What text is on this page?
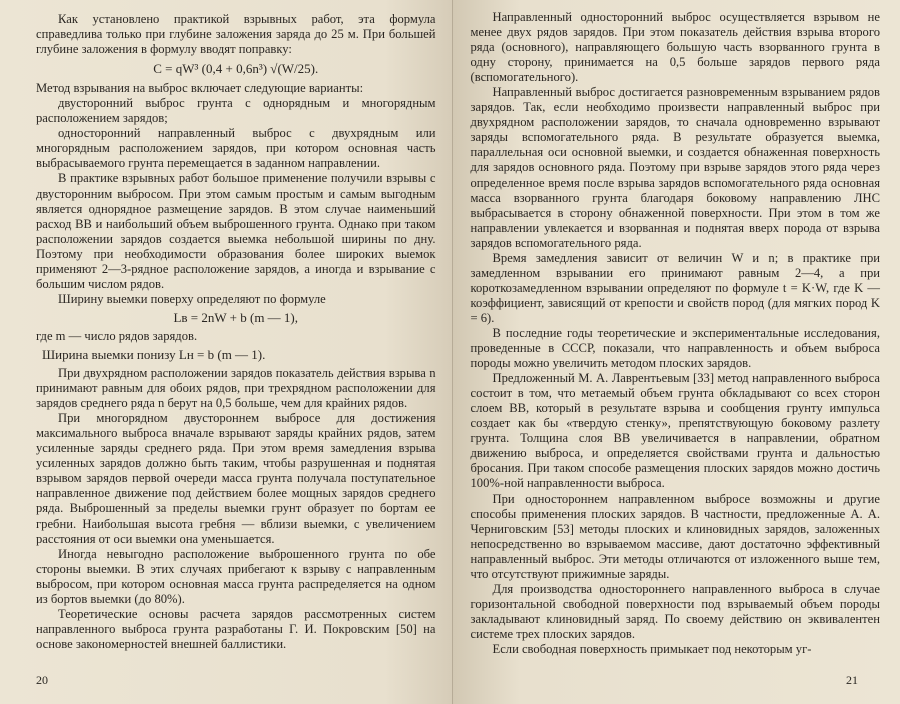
Как установлено практикой взрывных работ, эта формула справедлива только при глубине заложения заряда до 25 м. При большей глубине заложения в формулу вводят поправку:

C = qW³ (0,4 + 0,6n³) √(W/25).

Метод взрывания на выброс включает следующие варианты:

двусторонний выброс грунта с однорядным и многорядным расположением зарядов;

односторонний направленный выброс с двухрядным или многорядным расположением зарядов, при котором основная часть выбрасываемого грунта перемещается в заданном направлении.

В практике взрывных работ большое применение получили взрывы с двусторонним выбросом. При этом самым простым и самым выгодным является однорядное размещение зарядов. В этом случае наименьший расход ВВ и наибольший объем выброшенного грунта. Однако при таком расположении зарядов создается выемка небольшой ширины по дну. Поэтому при необходимости образования более широких выемок применяют 2—3-рядное расположение зарядов, а иногда и взрывание с большим числом рядов.

Ширину выемки поверху определяют по формуле

Lв = 2nW + b (m — 1),

где m — число рядов зарядов.

Ширина выемки понизу Lн = b (m — 1).

При двухрядном расположении зарядов показатель действия взрыва n принимают равным для обоих рядов, при трехрядном расположении для зарядов среднего ряда n берут на 0,5 больше, чем для крайних рядов.

При многорядном двустороннем выбросе для достижения максимального выброса вначале взрывают заряды крайних рядов, затем усиленные заряды среднего ряда. При этом время замедления взрыва усиленных зарядов должно быть таким, чтобы разрушенная и поднятая взрывом зарядов первой очереди масса грунта получала поступательное направленное движение под действием более мощных зарядов среднего ряда. Выброшенный за пределы выемки грунт образует по бортам ее гребни. Наибольшая высота гребня — вблизи выемки, с увеличением расстояния от оси выемки она уменьшается.

Иногда невыгодно расположение выброшенного грунта по обе стороны выемки. В этих случаях прибегают к взрыву с направленным выбросом, при котором основная масса грунта распределяется на одном из бортов выемки (до 80%).

Теоретические основы расчета зарядов рассмотренных систем направленного выброса грунта разработаны Г. И. Покровским [50] на основе закономерностей внешней баллистики.

20

Направленный односторонний выброс осуществляется взрывом не менее двух рядов зарядов. При этом показатель действия взрыва второго ряда (основного), направляющего большую часть взорванного грунта в одну сторону, принимается на 0,5 больше зарядов первого ряда (вспомогательного).

Направленный выброс достигается разновременным взрыванием рядов зарядов. Так, если необходимо произвести направленный выброс при двухрядном расположении зарядов, то сначала одновременно взрывают заряды вспомогательного ряда. В результате образуется выемка, параллельная оси основной выемки, и создается обнаженная поверхность для зарядов основного ряда. Поэтому при взрыве зарядов этого ряда через определенное время после взрыва зарядов вспомогательного ряда основная масса взорванного грунта благодаря боковому направлению ЛНС выбрасывается в сторону обнаженной поверхности. При этом в том же направлении увлекается и взорванная и поднятая вверх порода от взрыва зарядов вспомогательного ряда.

Время замедления зависит от величин W и n; в практике при замедленном взрывании его принимают равным 2—4, а при короткозамедленном взрывании определяют по формуле t = K·W, где K — коэффициент, зависящий от крепости и свойств пород (для мягких пород K = 6).

В последние годы теоретические и экспериментальные исследования, проведенные в СССР, показали, что направленность и объем выброса породы можно увеличить методом плоских зарядов.

Предложенный М. А. Лаврентьевым [33] метод направленного выброса состоит в том, что метаемый объем грунта обкладывают со всех сторон слоем ВВ, который в результате взрыва и сообщения грунту импульса создает как бы «твердую стенку», препятствующую боковому разлету грунта. Толщина слоя ВВ увеличивается в направлении, обратном движению выброса, и определяется свойствами грунта и дальностью бросания. При таком способе размещения плоских зарядов можно достичь 100%-ной направленности выброса.

При одностороннем направленном выбросе возможны и другие способы применения плоских зарядов. В частности, предложенные А. А. Черниговским [53] методы плоских и клиновидных зарядов, заложенных непосредственно во взрываемом массиве, дают достаточно эффективный направленный выброс. Эти методы отличаются от изложенного выше тем, что отсутствуют прижимные заряды.

Для производства одностороннего направленного выброса в случае горизонтальной свободной поверхности под взрываемый объем породы закладывают клиновидный заряд. По своему действию он эквивалентен системе трех плоских зарядов.

Если свободная поверхность примыкает под некоторым уг-

21
